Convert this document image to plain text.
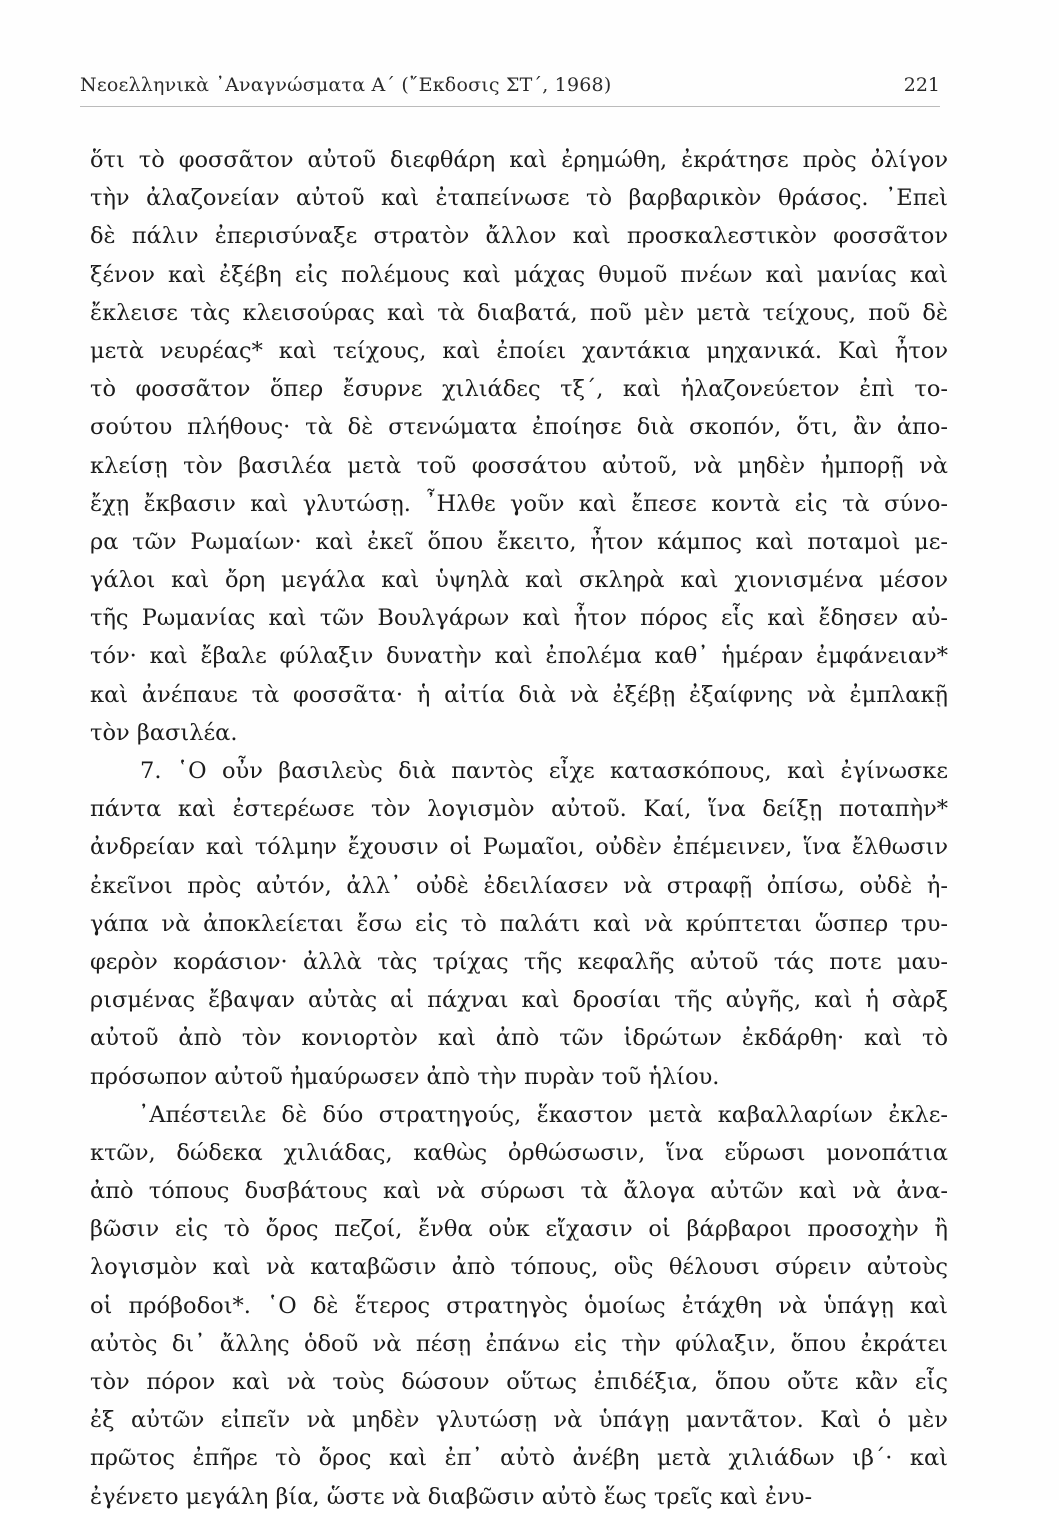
Νεοελληνικὰ ᾿Αναγνώσματα Α΄ (῎Εκδοσις ΣΤ΄, 1968)	221
ὅτι τὸ φοσσᾶτον αὐτοῦ διεφθάρη καὶ ἐρημώθη, ἐκράτησε πρὸς ὀλίγον
τὴν ἀλαζονείαν αὐτοῦ καὶ ἐταπείνωσε τὸ βαρβαρικὸν θράσος. ᾿Επεὶ
δὲ πάλιν ἐπερισύναξε στρατὸν ἄλλον καὶ προσκαλεστικὸν φοσσᾶτον
ξένον καὶ ἐξέβη εἰς πολέμους καὶ μάχας θυμοῦ πνέων καὶ μανίας καὶ
ἔκλεισε τὰς κλεισούρας καὶ τὰ διαβατά, ποῦ μὲν μετὰ τείχους, ποῦ δὲ
μετὰ νευρέας* καὶ τείχους, καὶ ἐποίει χαντάκια μηχανικά. Καὶ ἦτον
τὸ φοσσᾶτον ὅπερ ἔσυρνε χιλιάδες τξ΄, καὶ ἠλαζονεύετον ἐπὶ το-
σούτου πλήθους· τὰ δὲ στενώματα ἐποίησε διὰ σκοπόν, ὅτι, ἂν ἀπο-
κλείσῃ τὸν βασιλέα μετὰ τοῦ φοσσάτου αὐτοῦ, νὰ μηδὲν ἠμπορῇ νὰ
ἔχῃ ἔκβασιν καὶ γλυτώσῃ. ῏Ηλθε γοῦν καὶ ἔπεσε κοντὰ εἰς τὰ σύνο-
ρα τῶν Ρωμαίων· καὶ ἐκεῖ ὅπου ἔκειτο, ἦτον κάμπος καὶ ποταμοὶ με-
γάλοι καὶ ὄρη μεγάλα καὶ ὑψηλὰ καὶ σκληρὰ καὶ χιονισμένα μέσον
τῆς Ρωμανίας καὶ τῶν Βουλγάρων καὶ ἦτον πόρος εἷς καὶ ἔδησεν αὐ-
τόν· καὶ ἔβαλε φύλαξιν δυνατὴν καὶ ἐπολέμα καθ᾿ ἡμέραν ἐμφάνειαν*
καὶ ἀνέπαυε τὰ φοσσᾶτα· ἡ αἰτία διὰ νὰ ἐξέβῃ ἐξαίφνης νὰ ἐμπλακῇ
τὸν βασιλέα.
7. ῾Ο οὖν βασιλεὺς διὰ παντὸς εἶχε κατασκόπους, καὶ ἐγίνωσκε
πάντα καὶ ἐστερέωσε τὸν λογισμὸν αὐτοῦ. Καί, ἵνα δείξῃ ποταπὴν*
ἀνδρείαν καὶ τόλμην ἔχουσιν οἱ Ρωμαῖοι, οὐδὲν ἐπέμεινεν, ἵνα ἔλθωσιν
ἐκεῖνοι πρὸς αὐτόν, ἀλλ᾿ οὐδὲ ἐδειλίασεν νὰ στραφῇ ὀπίσω, οὐδὲ ἠ-
γάπα νὰ ἀποκλείεται ἔσω εἰς τὸ παλάτι καὶ νὰ κρύπτεται ὥσπερ τρυ-
φερὸν κοράσιον· ἀλλὰ τὰς τρίχας τῆς κεφαλῆς αὐτοῦ τάς ποτε μαυ-
ρισμένας ἔβαψαν αὐτὰς αἱ πάχναι καὶ δροσίαι τῆς αὐγῆς, καὶ ἡ σὰρξ
αὐτοῦ ἀπὸ τὸν κονιορτὸν καὶ ἀπὸ τῶν ἱδρώτων ἐκδάρθη· καὶ τὸ
πρόσωπον αὐτοῦ ἠμαύρωσεν ἀπὸ τὴν πυρὰν τοῦ ἡλίου.
᾿Απέστειλε δὲ δύο στρατηγούς, ἕκαστον μετὰ καβαλλαρίων ἐκλε-
κτῶν, δώδεκα χιλιάδας, καθὼς ὀρθώσωσιν, ἵνα εὕρωσι μονοπάτια
ἀπὸ τόπους δυσβάτους καὶ νὰ σύρωσι τὰ ἄλογα αὐτῶν καὶ νὰ ἀνα-
βῶσιν εἰς τὸ ὄρος πεζοί, ἔνθα οὐκ εἴχασιν οἱ βάρβαροι προσοχὴν ἢ
λογισμὸν καὶ νὰ καταβῶσιν ἀπὸ τόπους, οὓς θέλουσι σύρειν αὐτοὺς
οἱ πρόβοδοι*. ῾Ο δὲ ἕτερος στρατηγὸς ὁμοίως ἐτάχθη νὰ ὑπάγῃ καὶ
αὐτὸς δι᾿ ἄλλης ὁδοῦ νὰ πέσῃ ἐπάνω εἰς τὴν φύλαξιν, ὅπου ἐκράτει
τὸν πόρον καὶ νὰ τοὺς δώσουν οὕτως ἐπιδέξια, ὅπου οὔτε κἂν εἷς
ἐξ αὐτῶν εἰπεῖν νὰ μηδὲν γλυτώσῃ νὰ ὑπάγῃ μαντᾶτον. Καὶ ὁ μὲν
πρῶτος ἐπῆρε τὸ ὄρος καὶ ἐπ᾿ αὐτὸ ἀνέβη μετὰ χιλιάδων ιβ΄· καὶ
ἐγένετο μεγάλη βία, ὥστε νὰ διαβῶσιν αὐτὸ ἕως τρεῖς καὶ ἐνυ-
